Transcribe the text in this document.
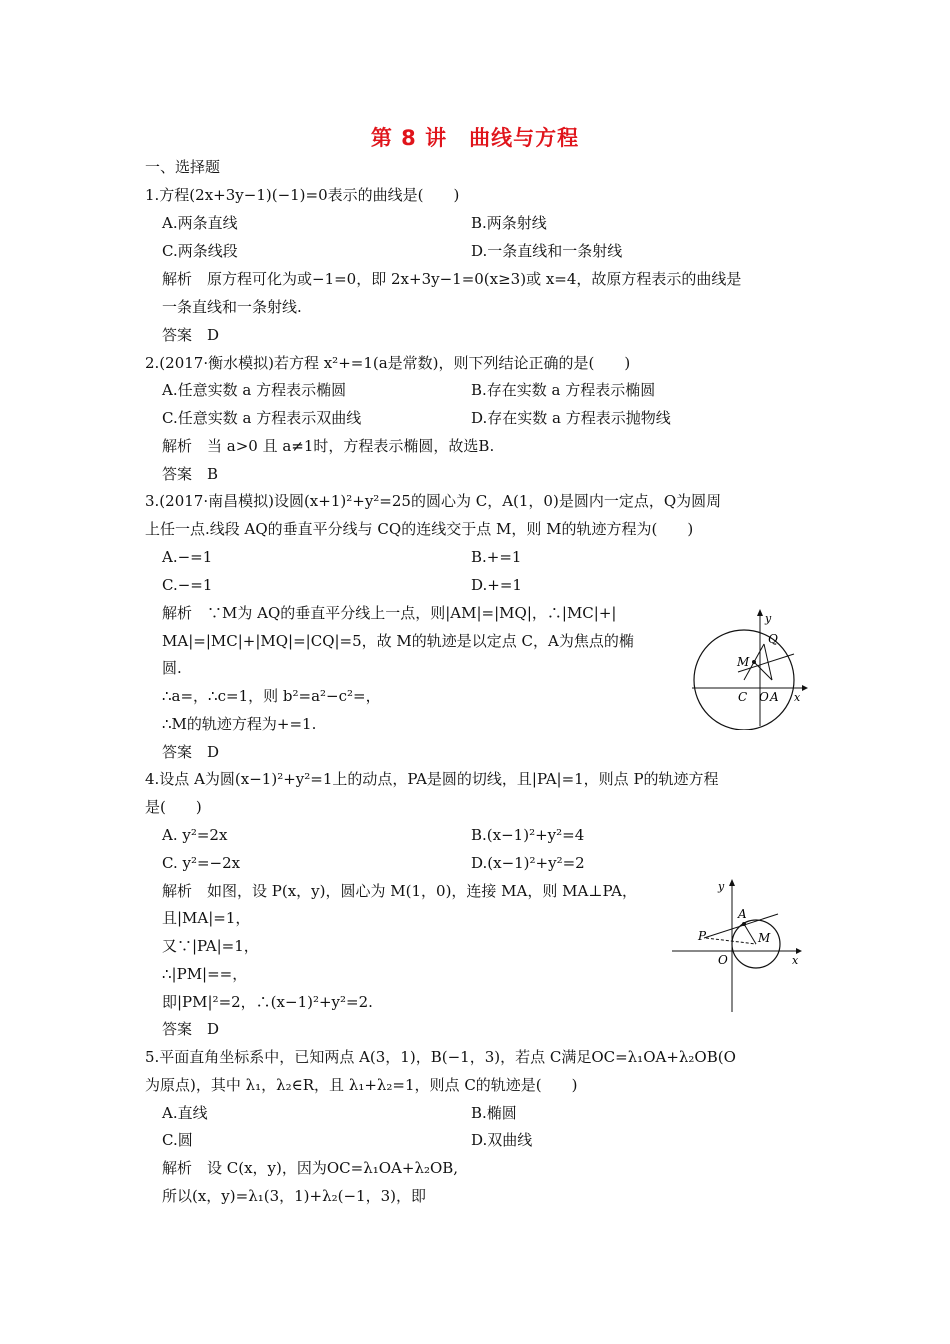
第 8 讲　曲线与方程
一、选择题
1.方程(2x+3y−1)(−1)=0表示的曲线是(　　)
A.两条直线	B.两条射线
C.两条线段	D.一条直线和一条射线
解析　原方程可化为或−1=0，即 2x+3y−1=0(x≥3)或 x=4，故原方程表示的曲线是
一条直线和一条射线.
答案　D
2.(2017·衡水模拟)若方程 x²+=1(a是常数)，则下列结论正确的是(　　)
A.任意实数 a 方程表示椭圆	B.存在实数 a 方程表示椭圆
C.任意实数 a 方程表示双曲线	D.存在实数 a 方程表示抛物线
解析　当 a>0 且 a≠1时，方程表示椭圆，故选B.
答案　B
3.(2017·南昌模拟)设圆(x+1)²+y²=25的圆心为 C，A(1，0)是圆内一定点，Q为圆周
上任一点.线段 AQ的垂直平分线与 CQ的连线交于点 M，则 M的轨迹方程为(　　)
A.−=1	B.+=1
C.−=1	D.+=1
解析　∵M为 AQ的垂直平分线上一点，则|AM|=|MQ|，∴|MC|+|
MA|=|MC|+|MQ|=|CQ|=5，故 M的轨迹是以定点 C，A为焦点的椭
圆.
∴a=，∴c=1，则 b²=a²−c²=，
∴M的轨迹方程为+=1.
答案　D
y
Q
M
C O A x
4.设点 A为圆(x−1)²+y²=1上的动点，PA是圆的切线，且|PA|=1，则点 P的轨迹方程
是(　　)
A. y²=2x	B.(x−1)²+y²=4
C. y²=−2x	D.(x−1)²+y²=2
解析　如图，设 P(x，y)，圆心为 M(1，0)，连接 MA，则 MA⊥PA，
且|MA|=1，
又∵|PA|=1，
∴|PM|==，
即|PM|²=2，∴(x−1)²+y²=2.
答案　D
y
A
P	M
O	x
5.平面直角坐标系中，已知两点 A(3，1)，B(−1，3)，若点 C满足OC=λ₁OA+λ₂OB(O
为原点)，其中 λ₁，λ₂∈R，且 λ₁+λ₂=1，则点 C的轨迹是(　　)
A.直线	B.椭圆
C.圆	D.双曲线
解析　设 C(x，y)，因为OC=λ₁OA+λ₂OB,
所以(x，y)=λ₁(3，1)+λ₂(−1，3)，即
